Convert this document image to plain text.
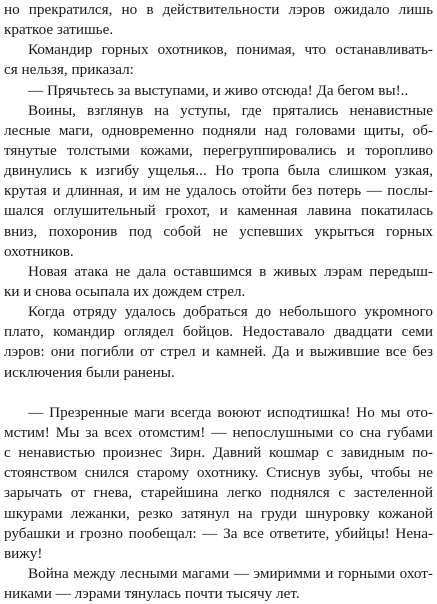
но прекратился, но в действительности лэров ожидало лишь
краткое затишье.
Командир горных охотников, понимая, что останавливать-
ся нельзя, приказал:
— Прячьтесь за выступами, и живо отсюда! Да бегом вы!..
Воины, взглянув на уступы, где прятались ненавистные
лесные маги, одновременно подняли над головами щиты, об-
тянутые толстыми кожами, перегруппировались и торопливо
двинулись к изгибу ущелья... Но тропа была слишком узкая,
крутая и длинная, и им не удалось отойти без потерь — послы-
шался оглушительный грохот, и каменная лавина покатилась
вниз, похоронив под собой не успевших укрыться горных
охотников.
Новая атака не дала оставшимся в живых лэрам передыш-
ки и снова осыпала их дождем стрел.
Когда отряду удалось добраться до небольшого укромного
плато, командир оглядел бойцов. Недоставало двадцати семи
лэров: они погибли от стрел и камней. Да и выжившие все без
исключения были ранены.
— Презренные маги всегда воюют исподтишка! Но мы ото-
мстим! Мы за всех отомстим! — непослушными со сна губами
с ненавистью произнес Зирн. Давний кошмар с завидным по-
стоянством снился старому охотнику. Стиснув зубы, чтобы не
зарычать от гнева, старейшина легко поднялся с застеленной
шкурами лежанки, резко затянул на груди шнуровку кожаной
рубашки и грозно пообещал: — За все ответите, убийцы! Нена-
вижу!
Война между лесными магами — эмиримми и горными охот-
никами — лэрами тянулась почти тысячу лет.
